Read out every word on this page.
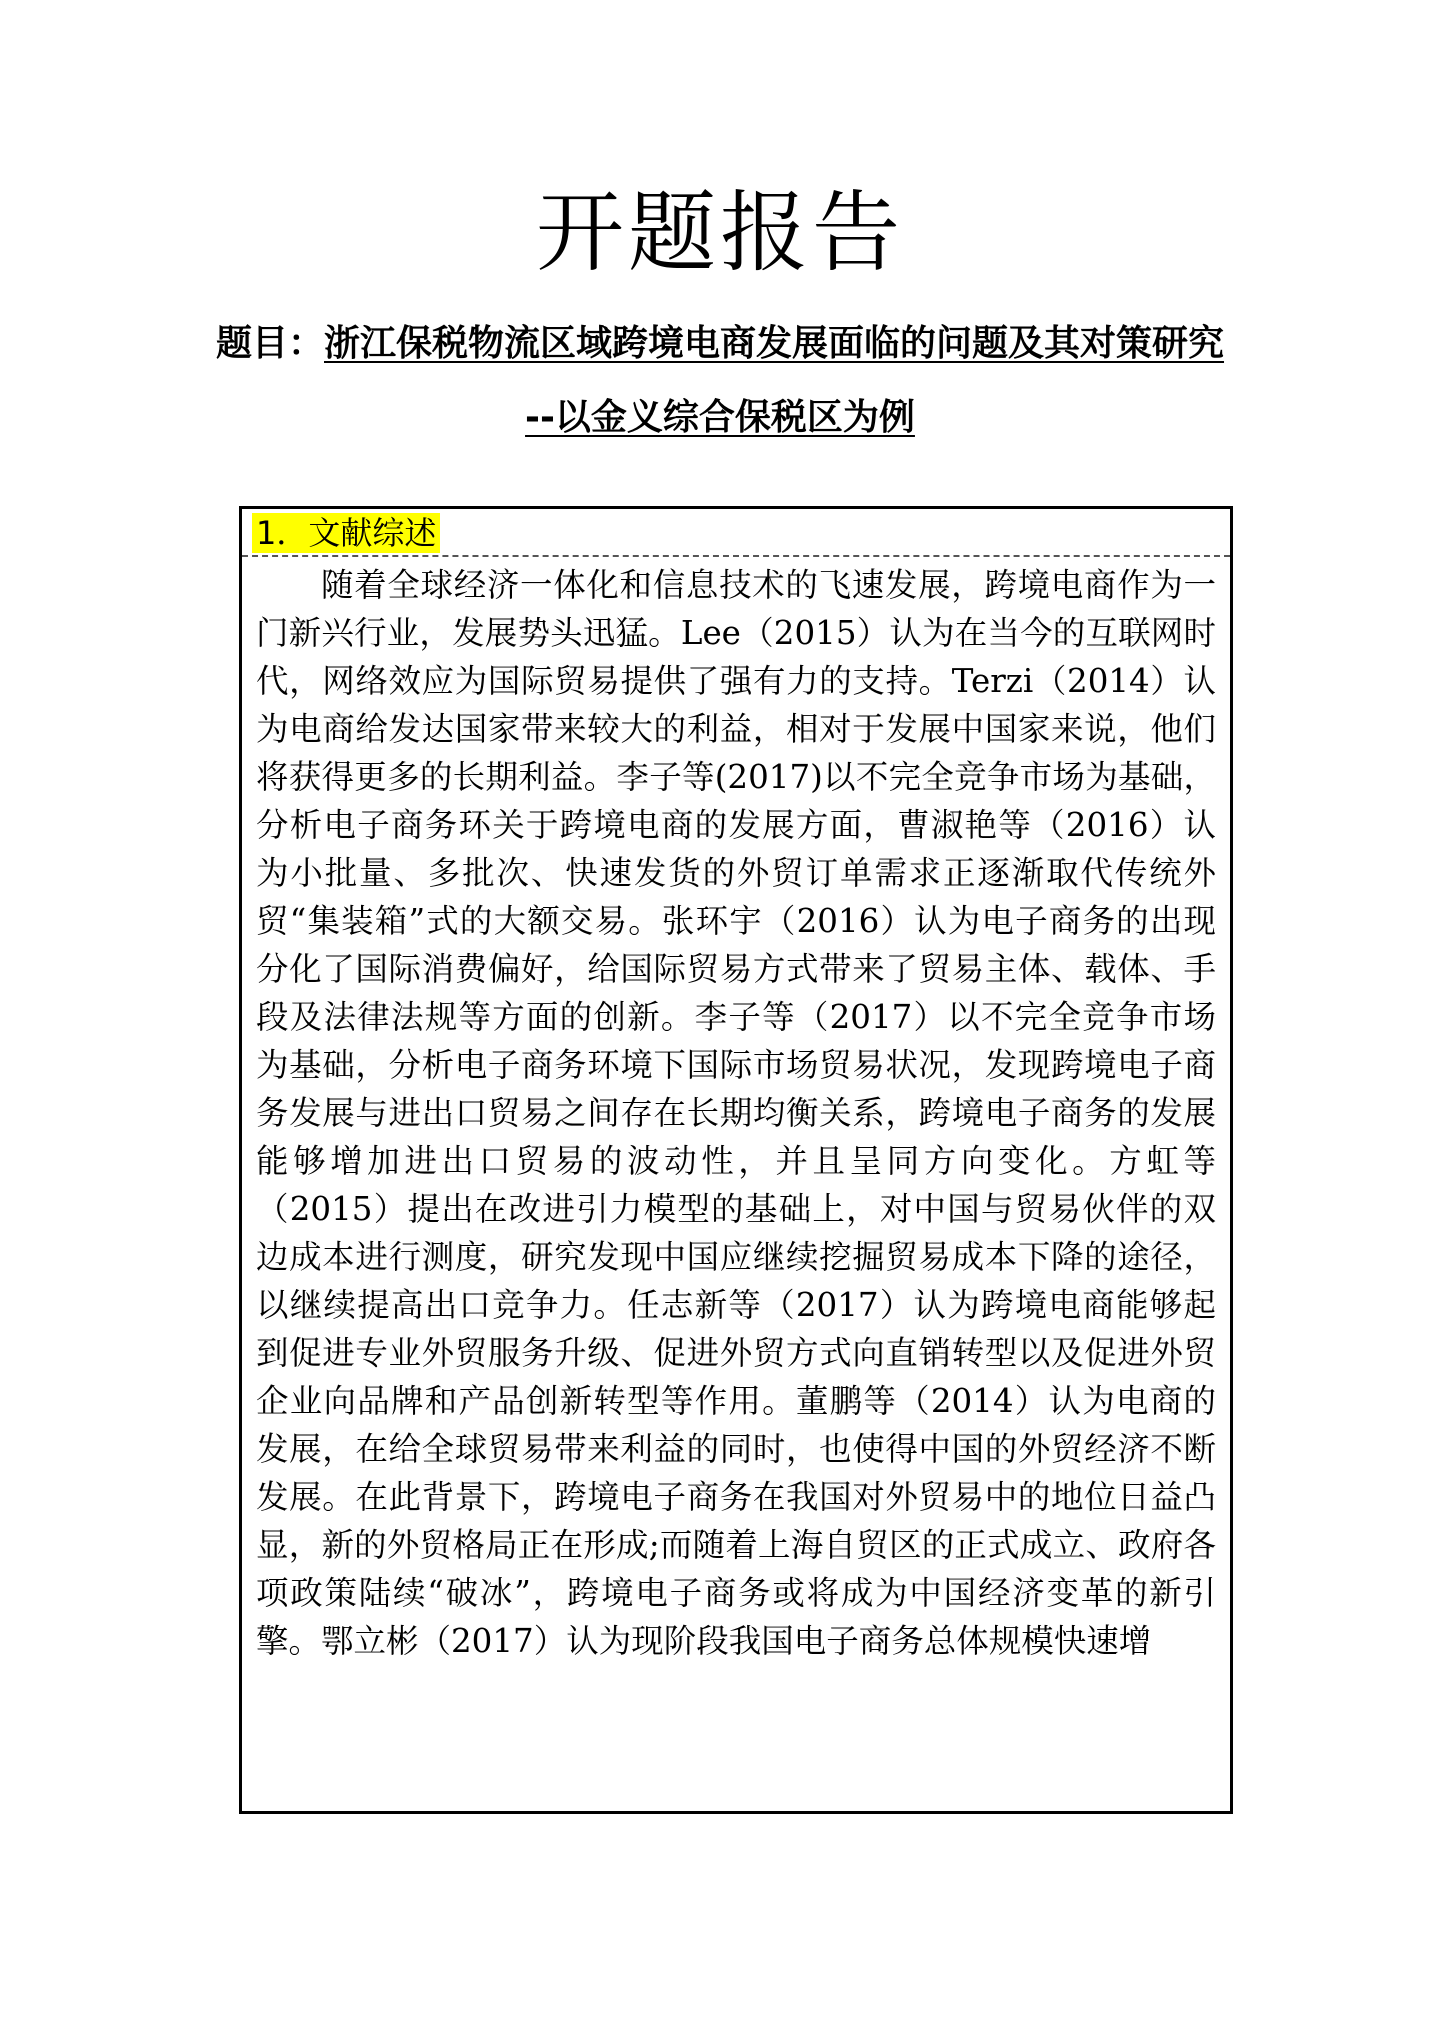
开题报告
题目：浙江保税物流区域跨境电商发展面临的问题及其对策研究
--以金义综合保税区为例
1．文献综述
随着全球经济一体化和信息技术的飞速发展，跨境电商作为一门新兴行业，发展势头迅猛。Lee（2015）认为在当今的互联网时代，网络效应为国际贸易提供了强有力的支持。Terzi（2014）认为电商给发达国家带来较大的利益，相对于发展中国家来说，他们将获得更多的长期利益。李子等(2017)以不完全竞争市场为基础，分析电子商务环关于跨境电商的发展方面，曹淑艳等（2016）认为小批量、多批次、快速发货的外贸订单需求正逐渐取代传统外贸“集装箱”式的大额交易。张环宇（2016）认为电子商务的出现分化了国际消费偏好，给国际贸易方式带来了贸易主体、载体、手段及法律法规等方面的创新。李子等（2017）以不完全竞争市场为基础，分析电子商务环境下国际市场贸易状况，发现跨境电子商务发展与进出口贸易之间存在长期均衡关系，跨境电子商务的发展能够增加进出口贸易的波动性，并且呈同方向变化。方虹等（2015）提出在改进引力模型的基础上，对中国与贸易伙伴的双边成本进行测度，研究发现中国应继续挖掘贸易成本下降的途径，以继续提高出口竞争力。任志新等（2017）认为跨境电商能够起到促进专业外贸服务升级、促进外贸方式向直销转型以及促进外贸企业向品牌和产品创新转型等作用。董鹏等（2014）认为电商的发展，在给全球贸易带来利益的同时，也使得中国的外贸经济不断发展。在此背景下，跨境电子商务在我国对外贸易中的地位日益凸显，新的外贸格局正在形成;而随着上海自贸区的正式成立、政府各项政策陆续“破冰”，跨境电子商务或将成为中国经济变革的新引擎。鄂立彬（2017）认为现阶段我国电子商务总体规模快速增
